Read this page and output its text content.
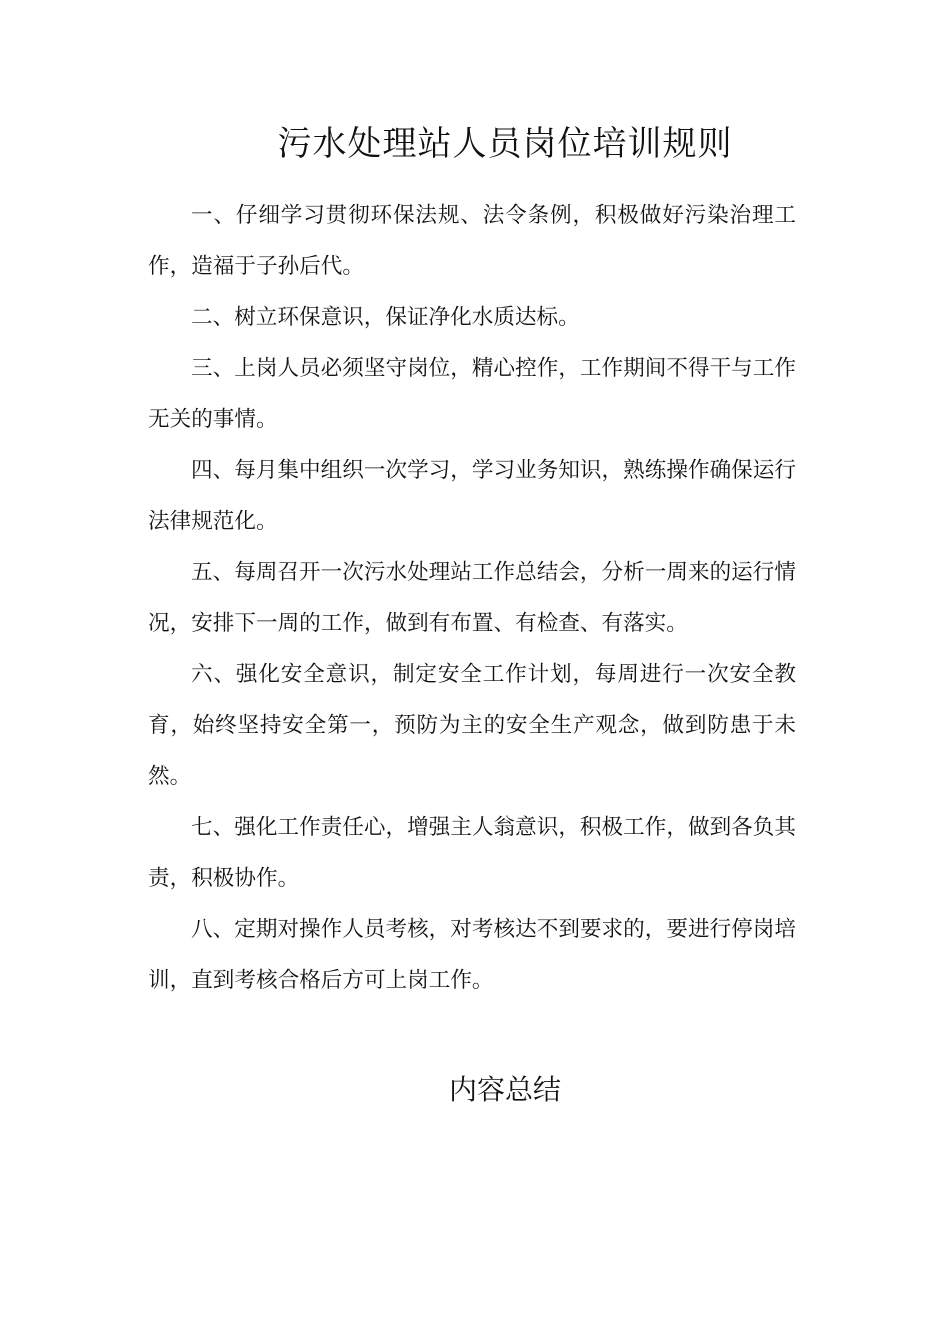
污水处理站人员岗位培训规则
一、仔细学习贯彻环保法规、法令条例，积极做好污染治理工作，造福于子孙后代。
二、树立环保意识，保证净化水质达标。
三、上岗人员必须坚守岗位，精心控作，工作期间不得干与工作无关的事情。
四、每月集中组织一次学习，学习业务知识，熟练操作确保运行法律规范化。
五、每周召开一次污水处理站工作总结会，分析一周来的运行情况，安排下一周的工作，做到有布置、有检查、有落实。
六、强化安全意识，制定安全工作计划，每周进行一次安全教育，始终坚持安全第一，预防为主的安全生产观念，做到防患于未然。
七、强化工作责任心，增强主人翁意识，积极工作，做到各负其责，积极协作。
八、定期对操作人员考核，对考核达不到要求的，要进行停岗培训，直到考核合格后方可上岗工作。
内容总结
